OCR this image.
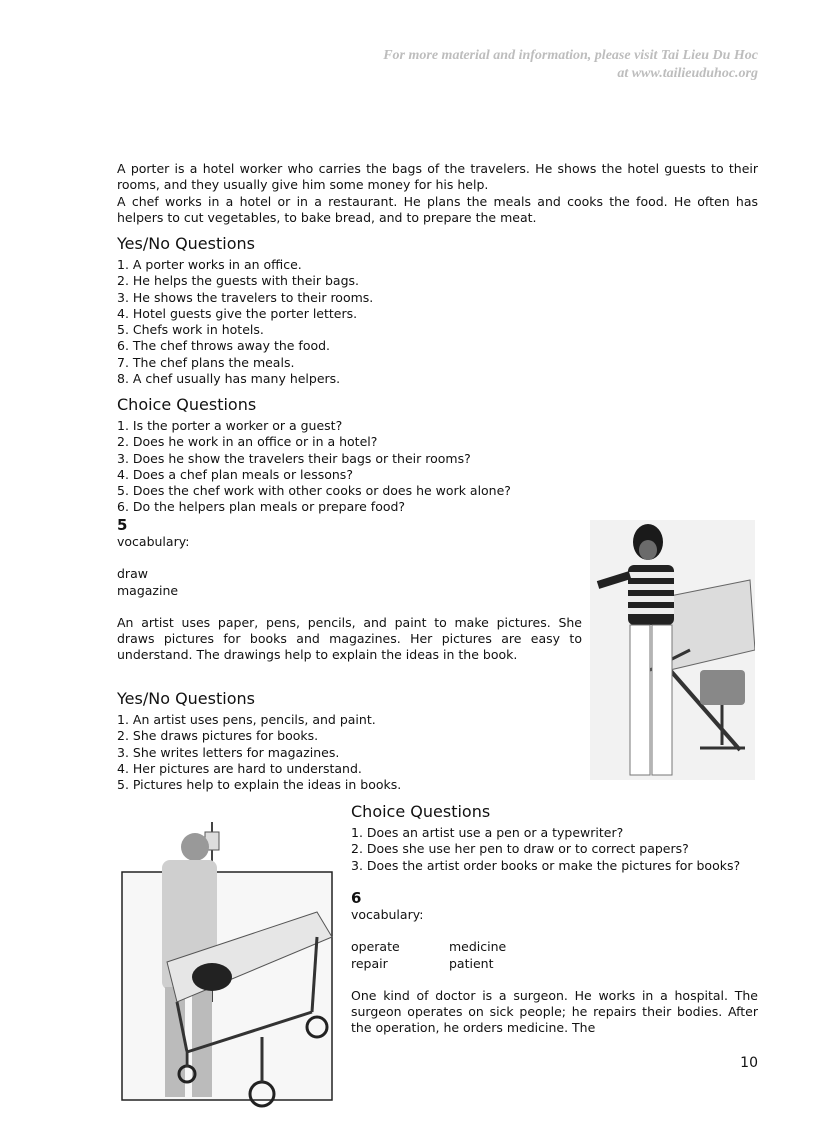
For more material and information, please visit Tai Lieu Du Hoc
at www.tailieuduhoc.org

A porter is a hotel worker who carries the bags of the travelers. He shows the hotel guests to their rooms, and they usually give him some money for his help.

A chef works in a hotel or in a restaurant. He plans the meals and cooks the food. He often has helpers to cut vegetables, to bake bread, and to prepare the meat.

Yes/No Questions
1. A porter works in an office.
2. He helps the guests with their bags.
3. He shows the travelers to their rooms.
4. Hotel guests give the porter letters.
5. Chefs work in hotels.
6. The chef throws away the food.
7. The chef plans the meals.
8. A chef usually has many helpers.
Choice Questions
1. Is the porter a worker or a guest?
2. Does he work in an office or in a hotel?
3. Does he show the travelers their bags or their rooms?
4. Does a chef plan meals or lessons?
5. Does the chef work with other cooks or does he work alone?
6. Do the helpers plan meals or prepare food?
5
vocabulary:
draw
magazine

An artist uses paper, pens, pencils, and paint to make pictures. She draws pictures for books and magazines. Her pictures are easy to understand. The drawings help to explain the ideas in the book.

Yes/No Questions
1. An artist uses pens, pencils, and paint.
2. She draws pictures for books.
3. She writes letters for magazines.
4. Her pictures are hard to understand.
5. Pictures help to explain the ideas in books.
Choice Questions
1. Does an artist use a pen or a typewriter?
2. Does she use her pen to draw or to correct papers?
3. Does the artist order books or make the pictures for books?
6
vocabulary:
operate	medicine
repair	patient

One kind of doctor is a surgeon. He works in a hospital. The surgeon operates on sick people; he repairs their bodies. After the operation, he orders medicine. The

10
